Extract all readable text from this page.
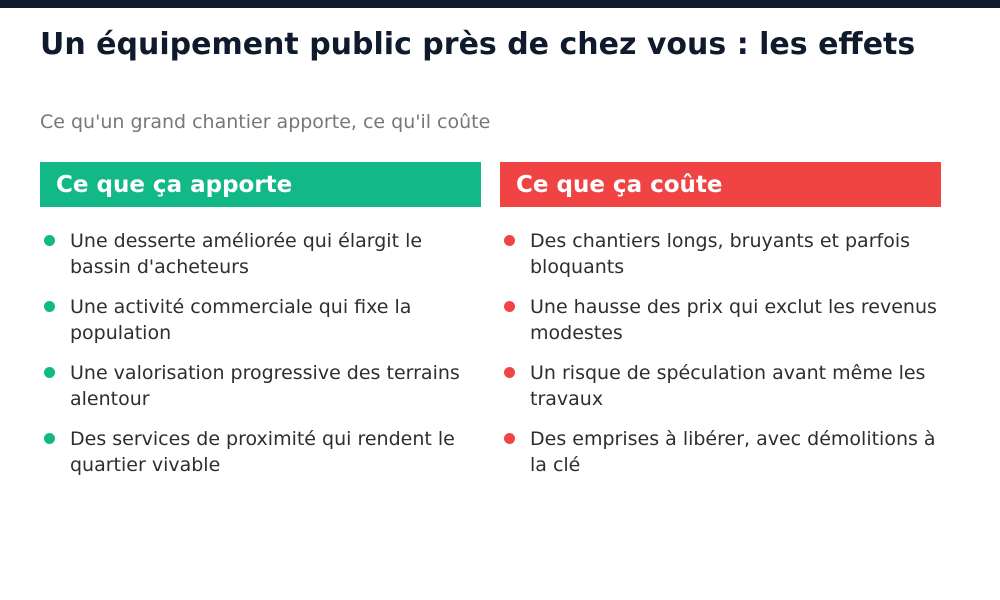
Un équipement public près de chez vous : les effets

Ce qu'un grand chantier apporte, ce qu'il coûte

Ce que ça apporte
Une desserte améliorée qui élargit le bassin d'acheteurs
Une activité commerciale qui fixe la population
Une valorisation progressive des terrains alentour
Des services de proximité qui rendent le quartier vivable
Ce que ça coûte
Des chantiers longs, bruyants et parfois bloquants
Une hausse des prix qui exclut les revenus modestes
Un risque de spéculation avant même les travaux
Des emprises à libérer, avec démolitions à la clé
